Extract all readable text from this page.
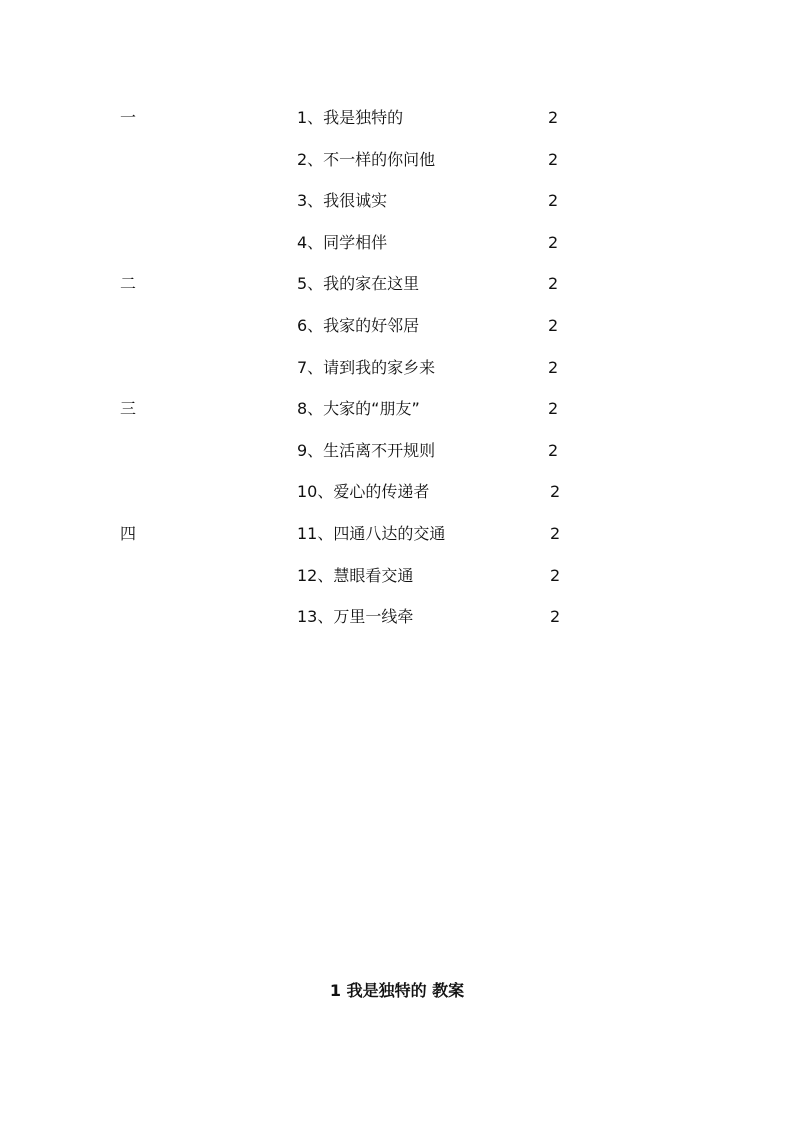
一	1、我是独特的	2
2、不一样的你问他	2
3、我很诚实	2
4、同学相伴	2
二	5、我的家在这里	2
6、我家的好邻居	2
7、请到我的家乡来	2
三	8、大家的“朋友”	2
9、生活离不开规则	2
10、爱心的传递者	2
四	11、四通八达的交通	2
12、慧眼看交通	2
13、万里一线牵	2
1 我是独特的 教案
